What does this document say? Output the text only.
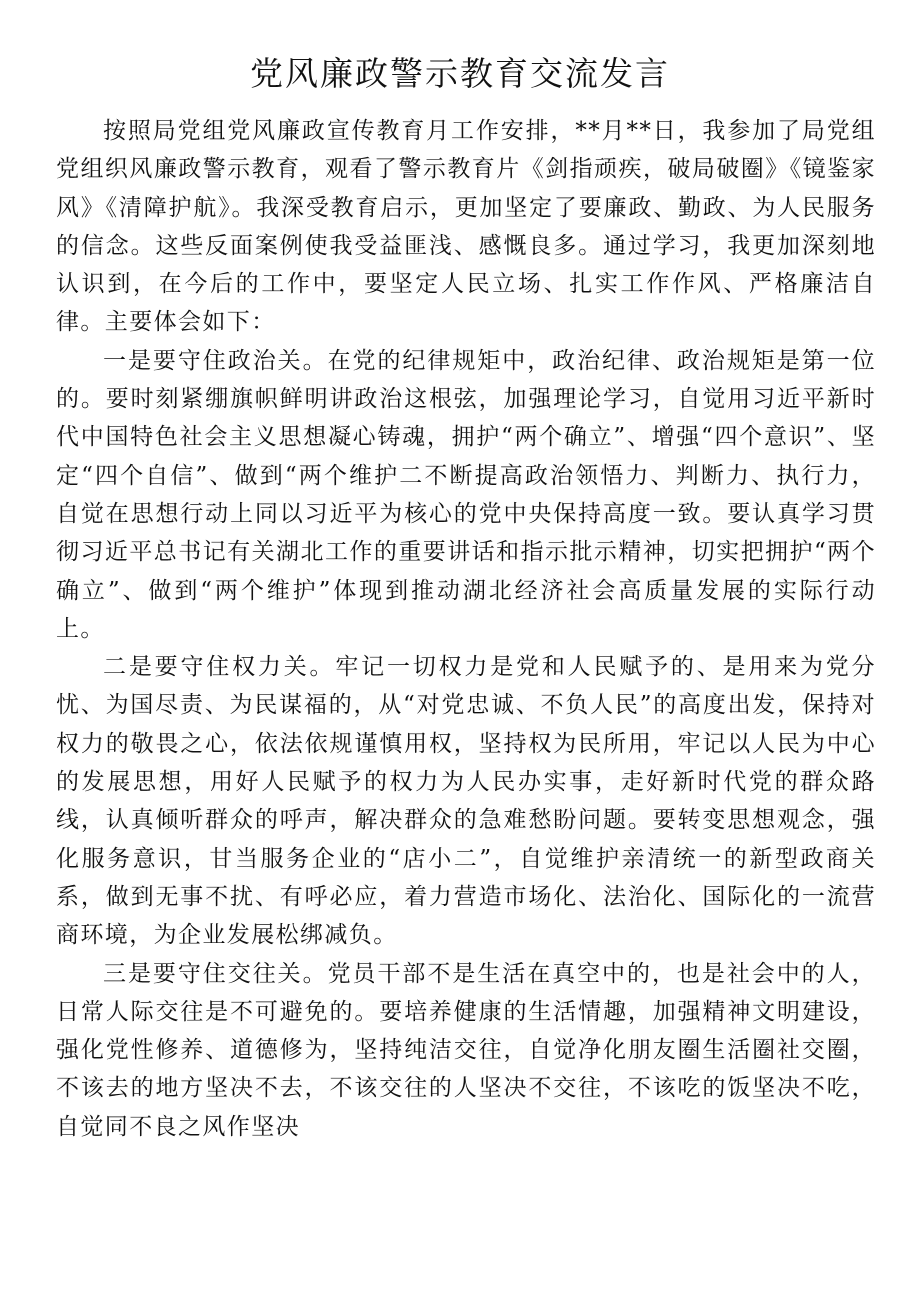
党风廉政警示教育交流发言

按照局党组党风廉政宣传教育月工作安排，**月**日，我参加了局党组党组织风廉政警示教育，观看了警示教育片《剑指顽疾，破局破圈》《镜鉴家风》《清障护航》。我深受教育启示，更加坚定了要廉政、勤政、为人民服务的信念。这些反面案例使我受益匪浅、感慨良多。通过学习，我更加深刻地认识到，在今后的工作中，要坚定人民立场、扎实工作作风、严格廉洁自律。主要体会如下：

一是要守住政治关。在党的纪律规矩中，政治纪律、政治规矩是第一位的。要时刻紧绷旗帜鲜明讲政治这根弦，加强理论学习，自觉用习近平新时代中国特色社会主义思想凝心铸魂，拥护“两个确立”、增强“四个意识”、坚定“四个自信”、做到“两个维护二不断提高政治领悟力、判断力、执行力，自觉在思想行动上同以习近平为核心的党中央保持高度一致。要认真学习贯彻习近平总书记有关湖北工作的重要讲话和指示批示精神，切实把拥护“两个确立”、做到“两个维护”体现到推动湖北经济社会高质量发展的实际行动上。

二是要守住权力关。牢记一切权力是党和人民赋予的、是用来为党分忧、为国尽责、为民谋福的，从“对党忠诚、不负人民”的高度出发，保持对权力的敬畏之心，依法依规谨慎用权，坚持权为民所用，牢记以人民为中心的发展思想，用好人民赋予的权力为人民办实事，走好新时代党的群众路线，认真倾听群众的呼声，解决群众的急难愁盼问题。要转变思想观念，强化服务意识，甘当服务企业的“店小二”，自觉维护亲清统一的新型政商关系，做到无事不扰、有呼必应，着力营造市场化、法治化、国际化的一流营商环境，为企业发展松绑减负。

三是要守住交往关。党员干部不是生活在真空中的，也是社会中的人，日常人际交往是不可避免的。要培养健康的生活情趣，加强精神文明建设，强化党性修养、道德修为，坚持纯洁交往，自觉净化朋友圈生活圈社交圈，不该去的地方坚决不去，不该交往的人坚决不交往，不该吃的饭坚决不吃，自觉同不良之风作坚决
